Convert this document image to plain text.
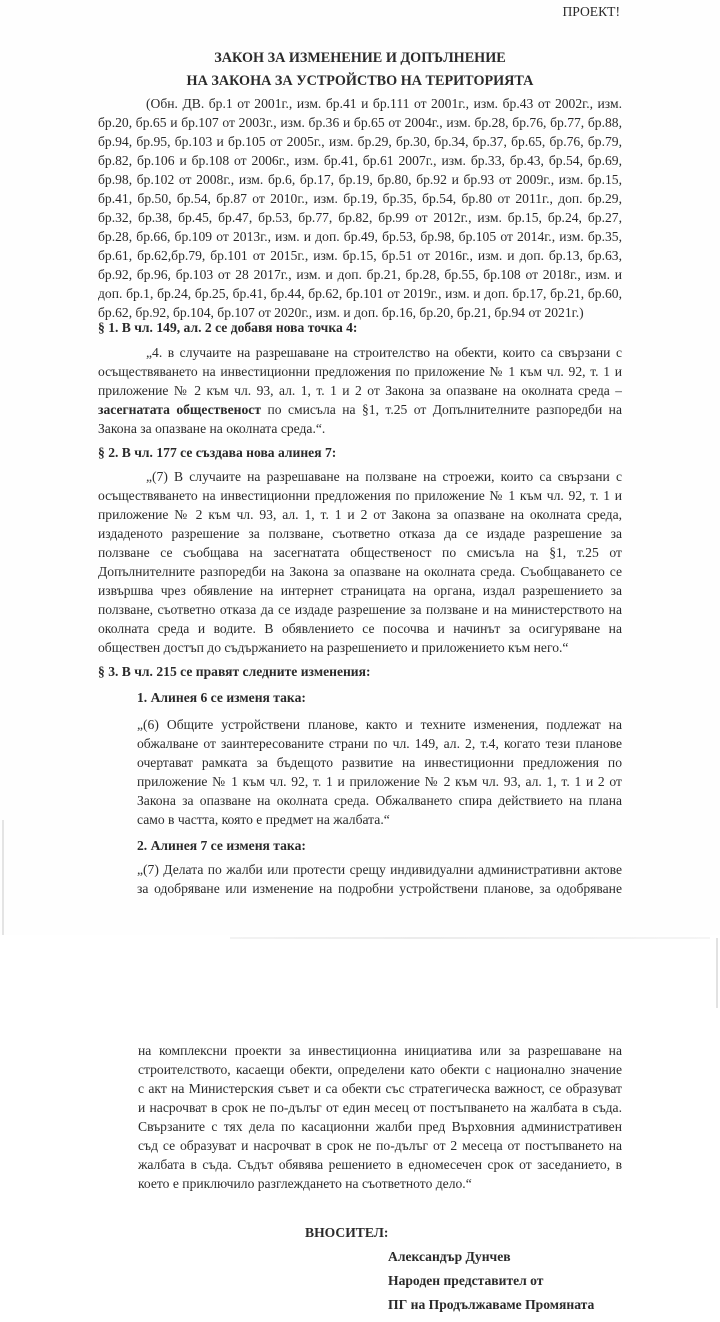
ПРОЕКТ!
ЗАКОН ЗА ИЗМЕНЕНИЕ И ДОПЪЛНЕНИЕ
НА ЗАКОНА ЗА УСТРОЙСТВО НА ТЕРИТОРИЯТА
(Обн. ДВ. бр.1 от 2001г., изм. бр.41 и бр.111 от 2001г., изм. бр.43 от 2002г., изм.
бр.20, бр.65 и бр.107 от 2003г., изм. бр.36 и бр.65 от 2004г., изм. бр.28, бр.76, бр.77, бр.88,
бр.94, бр.95, бр.103 и бр.105 от 2005г., изм. бр.29, бр.30, бр.34, бр.37, бр.65, бр.76, бр.79,
бр.82, бр.106 и бр.108 от 2006г., изм. бр.41, бр.61 2007г., изм. бр.33, бр.43, бр.54, бр.69,
бр.98, бр.102 от 2008г., изм. бр.6, бр.17, бр.19, бр.80, бр.92 и бр.93 от 2009г., изм. бр.15,
бр.41, бр.50, бр.54, бр.87 от 2010г., изм. бр.19, бр.35, бр.54, бр.80 от 2011г., доп. бр.29,
бр.32, бр.38, бр.45, бр.47, бр.53, бр.77, бр.82, бр.99 от 2012г., изм. бр.15, бр.24, бр.27,
бр.28, бр.66, бр.109 от 2013г., изм. и доп. бр.49, бр.53, бр.98, бр.105 от 2014г., изм. бр.35,
бр.61, бр.62,бр.79, бр.101 от 2015г., изм. бр.15, бр.51 от 2016г., изм. и доп. бр.13, бр.63,
бр.92, бр.96, бр.103 от 28 2017г., изм. и доп. бр.21, бр.28, бр.55, бр.108 от 2018г., изм. и
доп. бр.1, бр.24, бр.25, бр.41, бр.44, бр.62, бр.101 от 2019г., изм. и доп. бр.17, бр.21, бр.60,
бр.62, бр.92, бр.104, бр.107 от 2020г., изм. и доп. бр.16, бр.20, бр.21, бр.94 от 2021г.)
§ 1. В чл. 149, ал. 2 се добавя нова точка 4:
„4. в случаите на разрешаване на строителство на обекти, които са свързани с
осъществяването на инвестиционни предложения по приложение № 1 към чл. 92, т. 1 и
приложение № 2 към чл. 93, ал. 1, т. 1 и 2 от Закона за опазване на околната среда –
засегнатата общественост по смисъла на §1, т.25 от Допълнителните разпоредби на
Закона за опазване на околната среда.“.
§ 2. В чл. 177 се създава нова алинея 7:
„(7) В случаите на разрешаване на ползване на строежи, които са свързани с
осъществяването на инвестиционни предложения по приложение № 1 към чл. 92, т. 1 и
приложение № 2 към чл. 93, ал. 1, т. 1 и 2 от Закона за опазване на околната среда,
издаденото разрешение за ползване, съответно отказа да се издаде разрешение за
ползване се съобщава на засегнатата общественост по смисъла на §1, т.25 от
Допълнителните разпоредби на Закона за опазване на околната среда. Съобщаването се
извършва чрез обявление на интернет страницата на органа, издал разрешението за
ползване, съответно отказа да се издаде разрешение за ползване и на министерството на
околната среда и водите. В обявлението се посочва и начинът за осигуряване на
обществен достъп до съдържанието на разрешението и приложението към него.“
§ 3. В чл. 215 се правят следните изменения:
1. Алинея 6 се изменя така:
„(6) Общите устройствени планове, както и техните изменения, подлежат на
обжалване от заинтересованите страни по чл. 149, ал. 2, т.4, когато тези планове
очертават рамката за бъдещото развитие на инвестиционни предложения по
приложение № 1 към чл. 92, т. 1 и приложение № 2 към чл. 93, ал. 1, т. 1 и 2 от
Закона за опазване на околната среда. Обжалването спира действието на плана
само в частта, която е предмет на жалбата.“
2. Алинея 7 се изменя така:
„(7) Делата по жалби или протести срещу индивидуални административни актове
за одобряване или изменение на подробни устройствени планове, за одобряване
на комплексни проекти за инвестиционна инициатива или за разрешаване на
строителството, касаещи обекти, определени като обекти с национално значение
с акт на Министерския съвет и са обекти със стратегическа важност, се образуват
и насрочват в срок не по-дълъг от един месец от постъпването на жалбата в съда.
Свързаните с тях дела по касационни жалби пред Върховния административен
съд се образуват и насрочват в срок не по-дълъг от 2 месеца от постъпването на
жалбата в съда. Съдът обявява решението в едномесечен срок от заседанието, в
което е приключило разглеждането на съответното дело.“
ВНОСИТЕЛ:
Александър Дунчев
Народен представител от
ПГ на Продължаваме Промяната
